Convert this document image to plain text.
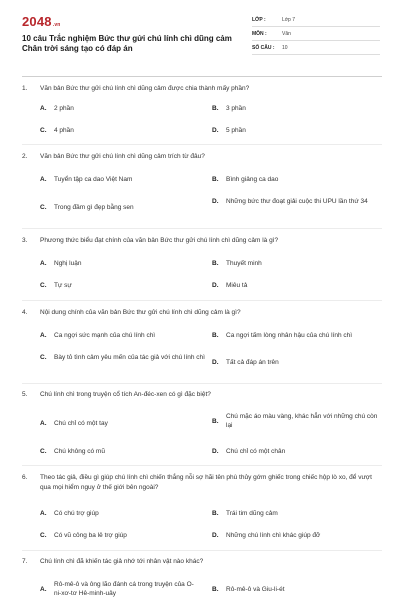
2048.vn
10 câu Trắc nghiệm Bức thư gửi chú lính chì dũng cảm Chân trời sáng tạo có đáp án
LỚP :	Lớp 7
MÔN :	Văn
SỐ CÂU :	10
1.	Văn bản Bức thư gửi chú lính chì dũng cảm được chia thành mấy phần?
A.	2 phần	B.	3 phần
C.	4 phần	D.	5 phần
2.	Văn bản Bức thư gửi chú lính chì dũng cảm trích từ đâu?
A.	Tuyển tập ca dao Việt Nam	B.	Bình giảng ca dao
C.	Trong đầm gì đẹp bằng sen
D.	Những bức thư đoạt giải cuộc thi UPU lần thứ 34
3.	Phương thức biểu đạt chính của văn bản Bức thư gửi chú lính chì dũng cảm là gì?
A.	Nghị luận	B.	Thuyết minh
C.	Tự sự	D.	Miêu tả
4.	Nội dung chính của văn bản Bức thư gửi chú lính chì dũng cảm là gì?
A.	Ca ngợi sức mạnh của chú lính chì	B.	Ca ngợi tấm lòng nhân hậu của chú lính chì
C.	Bày tỏ tình cảm yêu mến của tác giả với chú lính chì
D.	Tất cả đáp án trên
5.	Chú lính chì trong truyện cổ tích An-đéc-xen có gì đặc biệt?
A.	Chú chỉ có một tay	B.
Chú mặc áo màu vàng, khác hẳn với những chú còn lại
C.	Chú không có mũ	D.	Chú chỉ có một chân
6.	Theo tác giả, điều gì giúp chú lính chì chiến thắng nỗi sợ hãi tên phù thủy gớm ghiếc trong chiếc hộp lò xo, để vượt qua mọi hiểm nguy ở thế giới bên ngoài?
A.	Có chú trợ giúp	B.	Trái tim dũng cảm
C.	Có vũ công ba lê trợ giúp	D.	Những chú lính chì khác giúp đỡ
7.	Chú lính chì đã khiến tác giả nhớ tới nhân vật nào khác?
A.
Rô-mê-ô và ông lão đánh cá trong truyện của O-ni-xơ-tơ Hê-minh-uây
B.	Rô-mê-ô và Giu-li-ét
